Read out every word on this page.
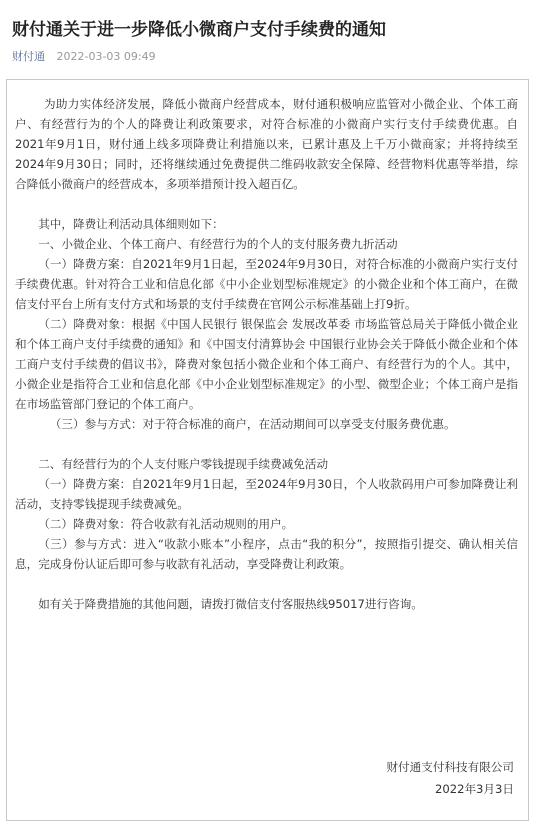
财付通关于进一步降低小微商户支付手续费的通知
财付通 2022-03-03 09:49

为助力实体经济发展，降低小微商户经营成本，财付通积极响应监管对小微企业、个体工商户、有经营行为的个人的降费让利政策要求，对符合标准的小微商户实行支付手续费优惠。自2021年9月1日，财付通上线多项降费让利措施以来，已累计惠及上千万小微商家；并将持续至2024年9月30日；同时，还将继续通过免费提供二维码收款安全保障、经营物料优惠等举措，综合降低小微商户的经营成本，多项举措预计投入超百亿。

其中，降费让利活动具体细则如下：

一、小微企业、个体工商户、有经营行为的个人的支付服务费九折活动

（一）降费方案：自2021年9月1日起，至2024年9月30日，对符合标准的小微商户实行支付手续费优惠。针对符合工业和信息化部《中小企业划型标准规定》的小微企业和个体工商户，在微信支付平台上所有支付方式和场景的支付手续费在官网公示标准基础上打9折。

（二）降费对象：根据《中国人民银行 银保监会 发展改革委 市场监管总局关于降低小微企业和个体工商户支付手续费的通知》和《中国支付清算协会 中国银行业协会关于降低小微企业和个体工商户支付手续费的倡议书》，降费对象包括小微企业和个体工商户、有经营行为的个人。其中，小微企业是指符合工业和信息化部《中小企业划型标准规定》的小型、微型企业；个体工商户是指在市场监管部门登记的个体工商户。

（三）参与方式：对于符合标准的商户，在活动期间可以享受支付服务费优惠。

二、有经营行为的个人支付账户零钱提现手续费减免活动

（一）降费方案：自2021年9月1日起，至2024年9月30日，个人收款码用户可参加降费让利活动，支持零钱提现手续费减免。

（二）降费对象：符合收款有礼活动规则的用户。

（三）参与方式：进入“收款小账本”小程序，点击“我的积分”，按照指引提交、确认相关信息，完成身份认证后即可参与收款有礼活动，享受降费让利政策。

如有关于降费措施的其他问题，请拨打微信支付客服热线95017进行咨询。

财付通支付科技有限公司
2022年3月3日
